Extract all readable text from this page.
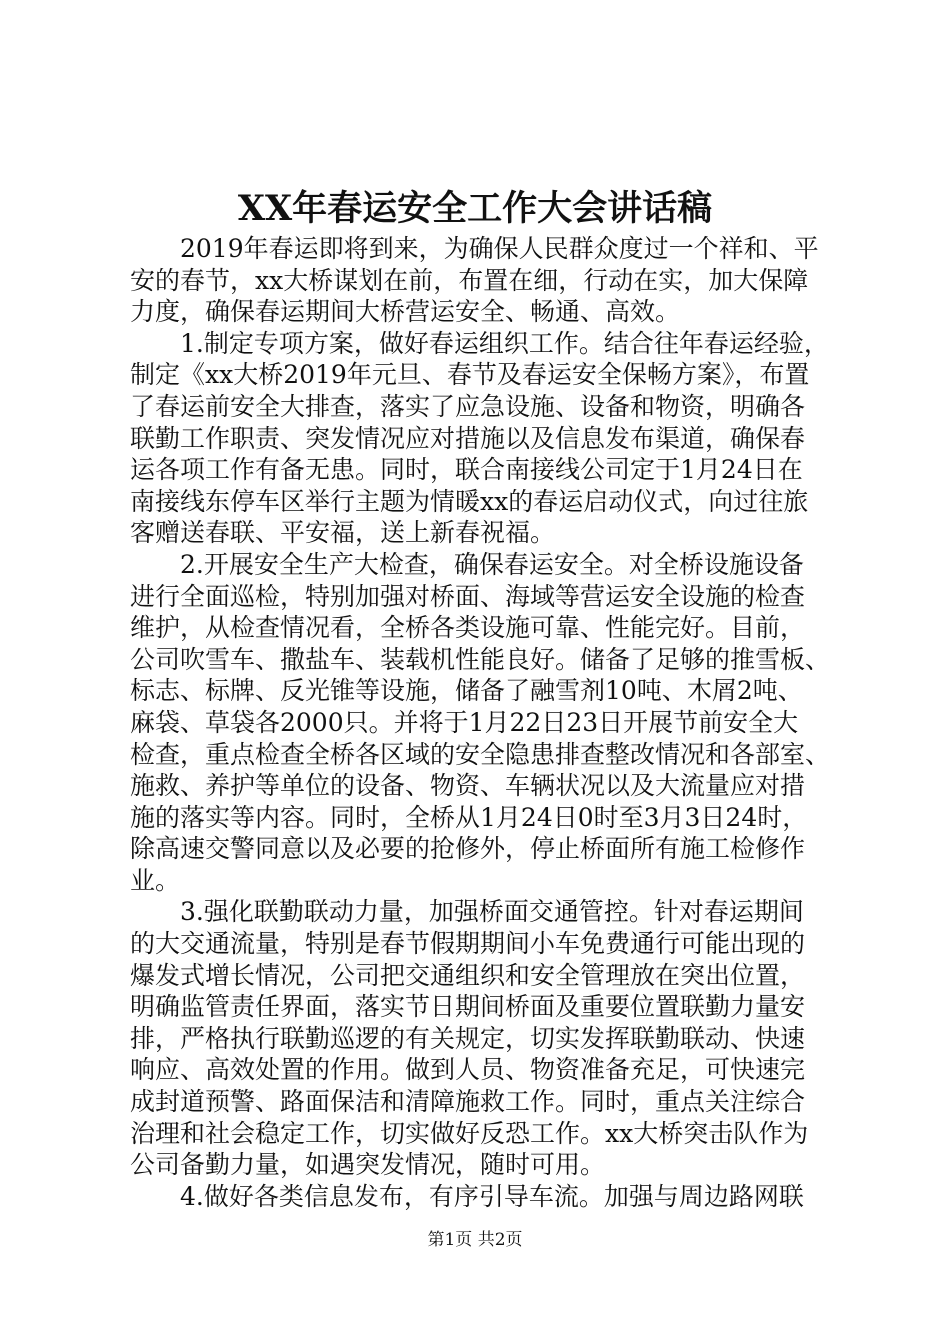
XX年春运安全工作大会讲话稿
2019年春运即将到来，为确保人民群众度过一个祥和、平
安的春节，xx大桥谋划在前，布置在细，行动在实，加大保障
力度，确保春运期间大桥营运安全、畅通、高效。
1.制定专项方案，做好春运组织工作。结合往年春运经验，
制定《xx大桥2019年元旦、春节及春运安全保畅方案》，布置
了春运前安全大排查，落实了应急设施、设备和物资，明确各
联勤工作职责、突发情况应对措施以及信息发布渠道，确保春
运各项工作有备无患。同时，联合南接线公司定于1月24日在
南接线东停车区举行主题为情暖xx的春运启动仪式，向过往旅
客赠送春联、平安福，送上新春祝福。
2.开展安全生产大检查，确保春运安全。对全桥设施设备
进行全面巡检，特别加强对桥面、海域等营运安全设施的检查
维护，从检查情况看，全桥各类设施可靠、性能完好。目前，
公司吹雪车、撒盐车、装载机性能良好。储备了足够的推雪板、
标志、标牌、反光锥等设施，储备了融雪剂10吨、木屑2吨、
麻袋、草袋各2000只。并将于1月22日23日开展节前安全大
检查，重点检查全桥各区域的安全隐患排查整改情况和各部室、
施救、养护等单位的设备、物资、车辆状况以及大流量应对措
施的落实等内容。同时，全桥从1月24日0时至3月3日24时，
除高速交警同意以及必要的抢修外，停止桥面所有施工检修作
业。
3.强化联勤联动力量，加强桥面交通管控。针对春运期间
的大交通流量，特别是春节假期期间小车免费通行可能出现的
爆发式增长情况，公司把交通组织和安全管理放在突出位置，
明确监管责任界面，落实节日期间桥面及重要位置联勤力量安
排，严格执行联勤巡逻的有关规定，切实发挥联勤联动、快速
响应、高效处置的作用。做到人员、物资准备充足，可快速完
成封道预警、路面保洁和清障施救工作。同时，重点关注综合
治理和社会稳定工作，切实做好反恐工作。xx大桥突击队作为
公司备勤力量，如遇突发情况，随时可用。
4.做好各类信息发布，有序引导车流。加强与周边路网联
第1页 共2页
